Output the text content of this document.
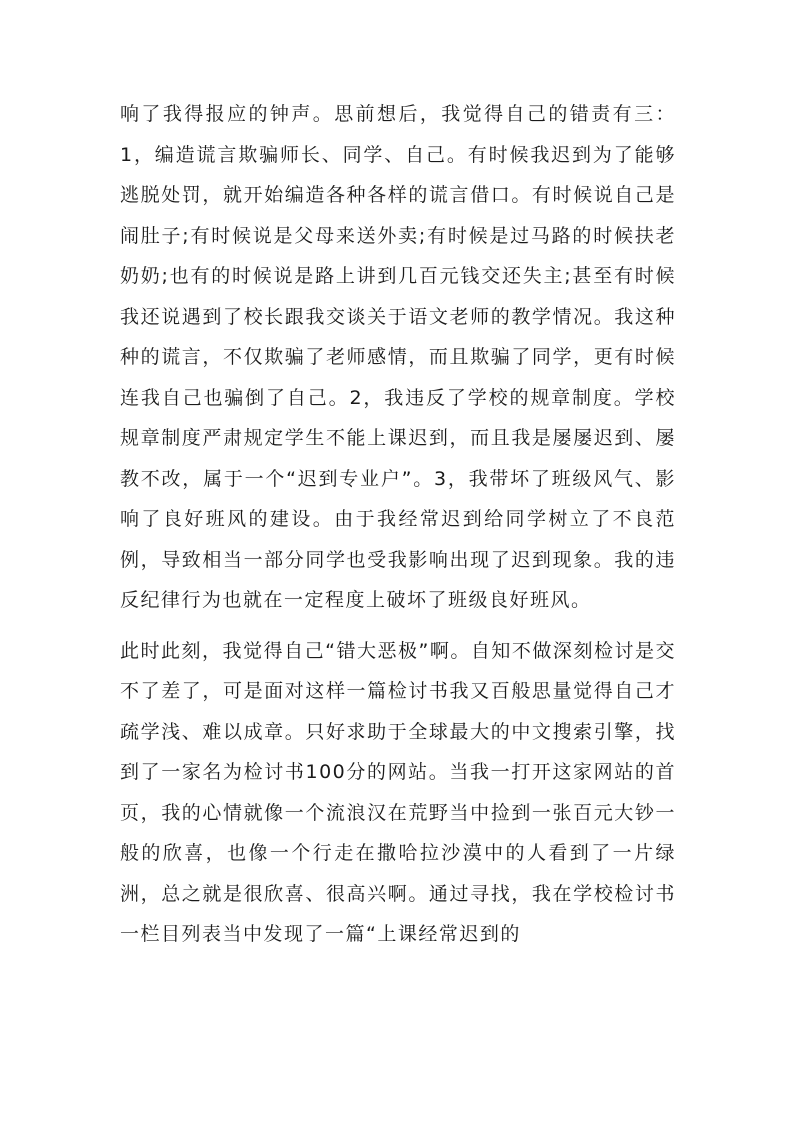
响了我得报应的钟声。思前想后，我觉得自己的错责有三：1，编造谎言欺骗师长、同学、自己。有时候我迟到为了能够逃脱处罚，就开始编造各种各样的谎言借口。有时候说自己是闹肚子;有时候说是父母来送外卖;有时候是过马路的时候扶老奶奶;也有的时候说是路上讲到几百元钱交还失主;甚至有时候我还说遇到了校长跟我交谈关于语文老师的教学情况。我这种种的谎言，不仅欺骗了老师感情，而且欺骗了同学，更有时候连我自己也骗倒了自己。2，我违反了学校的规章制度。学校规章制度严肃规定学生不能上课迟到，而且我是屡屡迟到、屡教不改，属于一个“迟到专业户”。3，我带坏了班级风气、影响了良好班风的建设。由于我经常迟到给同学树立了不良范例，导致相当一部分同学也受我影响出现了迟到现象。我的违反纪律行为也就在一定程度上破坏了班级良好班风。

此时此刻，我觉得自己“错大恶极”啊。自知不做深刻检讨是交不了差了，可是面对这样一篇检讨书我又百般思量觉得自己才疏学浅、难以成章。只好求助于全球最大的中文搜索引擎，找到了一家名为检讨书100分的网站。当我一打开这家网站的首页，我的心情就像一个流浪汉在荒野当中捡到一张百元大钞一般的欣喜，也像一个行走在撒哈拉沙漠中的人看到了一片绿洲，总之就是很欣喜、很高兴啊。通过寻找，我在学校检讨书一栏目列表当中发现了一篇“上课经常迟到的
